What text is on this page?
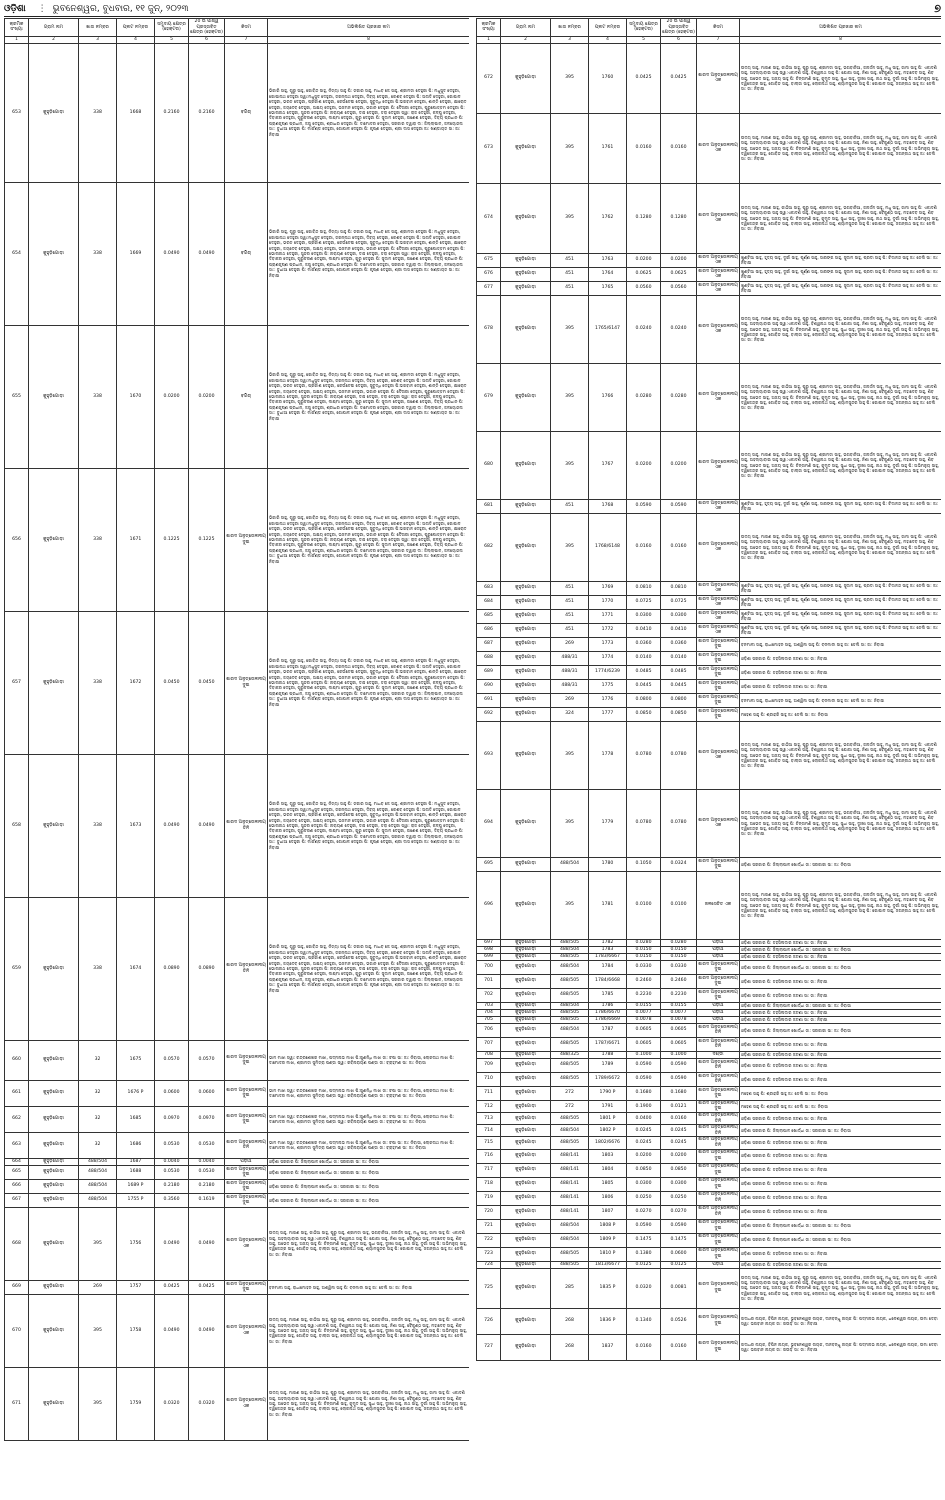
ଓଡ଼ିଶା	⋮ ଭୁବନେଶ୍ୱର, ବୁଧବାର, ୧୧ ଜୁନ୍‌, ୨୦୨୩	୭
କ୍ରମିକ ସଂଖ୍ୟା	ଗ୍ରାମ ନାମ	ଖାତା ନମ୍ବର	ପ୍ଲଟ ନମ୍ବର	ସମୁଦାୟ କ୍ଷେତ୍ର (ହେକ୍ଟର)	20 ଉ ପାର୍ଶ୍ୱ ପ୍ରସ୍ତାବିତ କ୍ଷେତ୍ର (ହେକ୍ଟର)	କିସମ	ଅଭିଲିଖିତ ପ୍ରଜାର ନାମ
1	2	3	4	5	6	7	8
653	କୁହୁଡ଼ିଗୋଡ଼ା	338	1668	0.2160	0.2160	ବଗିଚା	ଭିକାରି ସାହୁ, ଗୁରୁ ସାହୁ, ଗୋବିନ୍ଦ ସାହୁ, ନିତ୍ୟା ସାହୁ ପି: ଜଗୀର ସାହୁ, ମାଧବ ଜେ ସାହୁ, ଶ୍ରୀମତୀ ଦେହୁରୀ ପି: ମଧୁସୁଦ ଦେହୁରୀ, ଗୋପୀନାଥ ଦେହୁରୀ ସ୍ୱା:ମଧୁସୁଦ ଦେହୁରୀ, ଜଗନ୍ନାଥ ଦେହୁରୀ, ଦିବ୍ୟ ଦେହୁରୀ, କେଶବ ଦେହୁରୀ ପି: ଅନାଦି ଦେହୁରୀ, ଗୋପାଳ ଦେହୁରୀ, ଭରତ ଦେହୁରୀ, ପ୍ରକାଶ ଦେହୁରୀ, କେଉଁଟେଇ ଦେହୁରୀ, ସୁବୁଦ୍ଧି ଦେହୁରୀ ପି:ଭଗବାନ ଦେହୁରୀ, ଶାନ୍ତି ଦେହୁରୀ, କ୍ଷୀରୋଦ ଦେହୁରୀ, ଜୟଦେବ ଦେହୁରୀ, ଅକ୍ଷୟ ଦେହୁରୀ, ଭଜମନ ଦେହୁରୀ, ଭଗାନ ଦେହୁରୀ ପି: ଦୈତାରୀ ଦେହୁରୀ, ପୁରୁଷୋତ୍ତମ ଦେହୁରୀ ପି: ଭୋଳାନାଥ ଦେହୁରୀ, ସୁନ୍ଦର ଦେହୁରୀ ପି: ନାରାୟଣ ଦେହୁରୀ, ଦାସ ଦେହୁରୀ, ତରା ଦେହୁରୀ ସ୍ୱା: ରାଜ ଦେହୁରୀ, କଳ୍ପୁ ଦେହୁରୀ, ଦିବାକର ଦେହୁରୀ, ଗୁରୁଚରଣ ଦେହୁରୀ, ଲକ୍ଷ୍ମୀ ଦେହୁରୀ, ଗୁରୁ ଦେହୁରୀ ପି: ସୁଦାମ ଦେହୁରୀ, ଗଣେଶ ଦେହୁରୀ, ଦିବ୍ୟ ପ୍ରଧାନ ପି: ପ୍ରାଣକୃଷ୍ଣ ପ୍ରଧାନ, ଜଗୁ ଦେହୁରୀ, ଶ୍ରୀଧର ଦେହୁରୀ ପି: ଦାମୋଦର ଦେହୁରୀ, ସରକାର ଦ୍ୱାରା ଦା: ଜିଲ୍ଲାପାଳ, ଜଳୟୋଜନା ସା:: ବୁଧୀଆ ଦେହୁରୀ ପି: ମାର୍କଣ୍ଡ ଦେହୁରୀ, ଗୋପାଳ ଦେହୁରୀ ପି: କୃଷ୍ଣ ଦେହୁରୀ, ଶ୍ରୀ ଦାସ ଦେହୁରୀ ଜା: ଖଣ୍ଡାୟତ ସା: ଜା: ନିବାସୀ
654	କୁହୁଡ଼ିଗୋଡ଼ା	338	1669	0.0490	0.0490	ବଗିଚା	ଭିକାରି ସାହୁ, ଗୁରୁ ସାହୁ, ଗୋବିନ୍ଦ ସାହୁ, ନିତ୍ୟା ସାହୁ ପି: ଜଗୀର ସାହୁ, ମାଧବ ଜେ ସାହୁ, ଶ୍ରୀମତୀ ଦେହୁରୀ ପି: ମଧୁସୁଦ ଦେହୁରୀ, ଗୋପୀନାଥ ଦେହୁରୀ ସ୍ୱା:ମଧୁସୁଦ ଦେହୁରୀ, ଜଗନ୍ନାଥ ଦେହୁରୀ, ଦିବ୍ୟ ଦେହୁରୀ, କେଶବ ଦେହୁରୀ ପି: ଅନାଦି ଦେହୁରୀ, ଗୋପାଳ ଦେହୁରୀ, ଭରତ ଦେହୁରୀ, ପ୍ରକାଶ ଦେହୁରୀ, କେଉଁଟେଇ ଦେହୁରୀ, ସୁବୁଦ୍ଧି ଦେହୁରୀ ପି:ଭଗବାନ ଦେହୁରୀ, ଶାନ୍ତି ଦେହୁରୀ, କ୍ଷୀରୋଦ ଦେହୁରୀ, ଜୟଦେବ ଦେହୁରୀ, ଅକ୍ଷୟ ଦେହୁରୀ, ଭଜମନ ଦେହୁରୀ, ଭଗାନ ଦେହୁରୀ ପି: ଦୈତାରୀ ଦେହୁରୀ, ପୁରୁଷୋତ୍ତମ ଦେହୁରୀ ପି: ଭୋଳାନାଥ ଦେହୁରୀ, ସୁନ୍ଦର ଦେହୁରୀ ପି: ନାରାୟଣ ଦେହୁରୀ, ଦାସ ଦେହୁରୀ, ତରା ଦେହୁରୀ ସ୍ୱା: ରାଜ ଦେହୁରୀ, କଳ୍ପୁ ଦେହୁରୀ, ଦିବାକର ଦେହୁରୀ, ଗୁରୁଚରଣ ଦେହୁରୀ, ଲକ୍ଷ୍ମୀ ଦେହୁରୀ, ଗୁରୁ ଦେହୁରୀ ପି: ସୁଦାମ ଦେହୁରୀ, ଗଣେଶ ଦେହୁରୀ, ଦିବ୍ୟ ପ୍ରଧାନ ପି: ପ୍ରାଣକୃଷ୍ଣ ପ୍ରଧାନ, ଜଗୁ ଦେହୁରୀ, ଶ୍ରୀଧର ଦେହୁରୀ ପି: ଦାମୋଦର ଦେହୁରୀ, ସରକାର ଦ୍ୱାରା ଦା: ଜିଲ୍ଲାପାଳ, ଜଳୟୋଜନା ସା:: ବୁଧୀଆ ଦେହୁରୀ ପି: ମାର୍କଣ୍ଡ ଦେହୁରୀ, ଗୋପାଳ ଦେହୁରୀ ପି: କୃଷ୍ଣ ଦେହୁରୀ, ଶ୍ରୀ ଦାସ ଦେହୁରୀ ଜା: ଖଣ୍ଡାୟତ ସା: ଜା: ନିବାସୀ
655	କୁହୁଡ଼ିଗୋଡ଼ା	338	1670	0.0200	0.0200	ବଗିଚା	ଭିକାରି ସାହୁ, ଗୁରୁ ସାହୁ, ଗୋବିନ୍ଦ ସାହୁ, ନିତ୍ୟା ସାହୁ ପି: ଜଗୀର ସାହୁ, ମାଧବ ଜେ ସାହୁ, ଶ୍ରୀମତୀ ଦେହୁରୀ ପି: ମଧୁସୁଦ ଦେହୁରୀ, ଗୋପୀନାଥ ଦେହୁରୀ ସ୍ୱା:ମଧୁସୁଦ ଦେହୁରୀ, ଜଗନ୍ନାଥ ଦେହୁରୀ, ଦିବ୍ୟ ଦେହୁରୀ, କେଶବ ଦେହୁରୀ ପି: ଅନାଦି ଦେହୁରୀ, ଗୋପାଳ ଦେହୁରୀ, ଭରତ ଦେହୁରୀ, ପ୍ରକାଶ ଦେହୁରୀ, କେଉଁଟେଇ ଦେହୁରୀ, ସୁବୁଦ୍ଧି ଦେହୁରୀ ପି:ଭଗବାନ ଦେହୁରୀ, ଶାନ୍ତି ଦେହୁରୀ, କ୍ଷୀରୋଦ ଦେହୁରୀ, ଜୟଦେବ ଦେହୁରୀ, ଅକ୍ଷୟ ଦେହୁରୀ, ଭଜମନ ଦେହୁରୀ, ଭଗାନ ଦେହୁରୀ ପି: ଦୈତାରୀ ଦେହୁରୀ, ପୁରୁଷୋତ୍ତମ ଦେହୁରୀ ପି: ଭୋଳାନାଥ ଦେହୁରୀ, ସୁନ୍ଦର ଦେହୁରୀ ପି: ନାରାୟଣ ଦେହୁରୀ, ଦାସ ଦେହୁରୀ, ତରା ଦେହୁରୀ ସ୍ୱା: ରାଜ ଦେହୁରୀ, କଳ୍ପୁ ଦେହୁରୀ, ଦିବାକର ଦେହୁରୀ, ଗୁରୁଚରଣ ଦେହୁରୀ, ଲକ୍ଷ୍ମୀ ଦେହୁରୀ, ଗୁରୁ ଦେହୁରୀ ପି: ସୁଦାମ ଦେହୁରୀ, ଗଣେଶ ଦେହୁରୀ, ଦିବ୍ୟ ପ୍ରଧାନ ପି: ପ୍ରାଣକୃଷ୍ଣ ପ୍ରଧାନ, ଜଗୁ ଦେହୁରୀ, ଶ୍ରୀଧର ଦେହୁରୀ ପି: ଦାମୋଦର ଦେହୁରୀ, ସରକାର ଦ୍ୱାରା ଦା: ଜିଲ୍ଲାପାଳ, ଜଳୟୋଜନା ସା:: ବୁଧୀଆ ଦେହୁରୀ ପି: ମାର୍କଣ୍ଡ ଦେହୁରୀ, ଗୋପାଳ ଦେହୁରୀ ପି: କୃଷ୍ଣ ଦେହୁରୀ, ଶ୍ରୀ ଦାସ ଦେହୁରୀ ଜା: ଖଣ୍ଡାୟତ ସା: ଜା: ନିବାସୀ
656	କୁହୁଡ଼ିଗୋଡ଼ା	338	1671	0.1225	0.1225	ଶାରଦ ଅନୁତ୍ତୋଳନୀୟ ଦୁଇ	ଭିକାରି ସାହୁ, ଗୁରୁ ସାହୁ, ଗୋବିନ୍ଦ ସାହୁ, ନିତ୍ୟା ସାହୁ ପି: ଜଗୀର ସାହୁ, ମାଧବ ଜେ ସାହୁ, ଶ୍ରୀମତୀ ଦେହୁରୀ ପି: ମଧୁସୁଦ ଦେହୁରୀ, ଗୋପୀନାଥ ଦେହୁରୀ ସ୍ୱା:ମଧୁସୁଦ ଦେହୁରୀ, ଜଗନ୍ନାଥ ଦେହୁରୀ, ଦିବ୍ୟ ଦେହୁରୀ, କେଶବ ଦେହୁରୀ ପି: ଅନାଦି ଦେହୁରୀ, ଗୋପାଳ ଦେହୁରୀ, ଭରତ ଦେହୁରୀ, ପ୍ରକାଶ ଦେହୁରୀ, କେଉଁଟେଇ ଦେହୁରୀ, ସୁବୁଦ୍ଧି ଦେହୁରୀ ପି:ଭଗବାନ ଦେହୁରୀ, ଶାନ୍ତି ଦେହୁରୀ, କ୍ଷୀରୋଦ ଦେହୁରୀ, ଜୟଦେବ ଦେହୁରୀ, ଅକ୍ଷୟ ଦେହୁରୀ, ଭଜମନ ଦେହୁରୀ, ଭଗାନ ଦେହୁରୀ ପି: ଦୈତାରୀ ଦେହୁରୀ, ପୁରୁଷୋତ୍ତମ ଦେହୁରୀ ପି: ଭୋଳାନାଥ ଦେହୁରୀ, ସୁନ୍ଦର ଦେହୁରୀ ପି: ନାରାୟଣ ଦେହୁରୀ, ଦାସ ଦେହୁରୀ, ତରା ଦେହୁରୀ ସ୍ୱା: ରାଜ ଦେହୁରୀ, କଳ୍ପୁ ଦେହୁରୀ, ଦିବାକର ଦେହୁରୀ, ଗୁରୁଚରଣ ଦେହୁରୀ, ଲକ୍ଷ୍ମୀ ଦେହୁରୀ, ଗୁରୁ ଦେହୁରୀ ପି: ସୁଦାମ ଦେହୁରୀ, ଗଣେଶ ଦେହୁରୀ, ଦିବ୍ୟ ପ୍ରଧାନ ପି: ପ୍ରାଣକୃଷ୍ଣ ପ୍ରଧାନ, ଜଗୁ ଦେହୁରୀ, ଶ୍ରୀଧର ଦେହୁରୀ ପି: ଦାମୋଦର ଦେହୁରୀ, ସରକାର ଦ୍ୱାରା ଦା: ଜିଲ୍ଲାପାଳ, ଜଳୟୋଜନା ସା:: ବୁଧୀଆ ଦେହୁରୀ ପି: ମାର୍କଣ୍ଡ ଦେହୁରୀ, ଗୋପାଳ ଦେହୁରୀ ପି: କୃଷ୍ଣ ଦେହୁରୀ, ଶ୍ରୀ ଦାସ ଦେହୁରୀ ଜା: ଖଣ୍ଡାୟତ ସା: ଜା: ନିବାସୀ
657	କୁହୁଡ଼ିଗୋଡ଼ା	338	1672	0.0450	0.0450	ଶାରଦ ଅନୁତ୍ତୋଳନୀୟ ଦୁଇ	ଭିକାରି ସାହୁ, ଗୁରୁ ସାହୁ, ଗୋବିନ୍ଦ ସାହୁ, ନିତ୍ୟା ସାହୁ ପି: ଜଗୀର ସାହୁ, ମାଧବ ଜେ ସାହୁ, ଶ୍ରୀମତୀ ଦେହୁରୀ ପି: ମଧୁସୁଦ ଦେହୁରୀ, ଗୋପୀନାଥ ଦେହୁରୀ ସ୍ୱା:ମଧୁସୁଦ ଦେହୁରୀ, ଜଗନ୍ନାଥ ଦେହୁରୀ, ଦିବ୍ୟ ଦେହୁରୀ, କେଶବ ଦେହୁରୀ ପି: ଅନାଦି ଦେହୁରୀ, ଗୋପାଳ ଦେହୁରୀ, ଭରତ ଦେହୁରୀ, ପ୍ରକାଶ ଦେହୁରୀ, କେଉଁଟେଇ ଦେହୁରୀ, ସୁବୁଦ୍ଧି ଦେହୁରୀ ପି:ଭଗବାନ ଦେହୁରୀ, ଶାନ୍ତି ଦେହୁରୀ, କ୍ଷୀରୋଦ ଦେହୁରୀ, ଜୟଦେବ ଦେହୁରୀ, ଅକ୍ଷୟ ଦେହୁରୀ, ଭଜମନ ଦେହୁରୀ, ଭଗାନ ଦେହୁରୀ ପି: ଦୈତାରୀ ଦେହୁରୀ, ପୁରୁଷୋତ୍ତମ ଦେହୁରୀ ପି: ଭୋଳାନାଥ ଦେହୁରୀ, ସୁନ୍ଦର ଦେହୁରୀ ପି: ନାରାୟଣ ଦେହୁରୀ, ଦାସ ଦେହୁରୀ, ତରା ଦେହୁରୀ ସ୍ୱା: ରାଜ ଦେହୁରୀ, କଳ୍ପୁ ଦେହୁରୀ, ଦିବାକର ଦେହୁରୀ, ଗୁରୁଚରଣ ଦେହୁରୀ, ଲକ୍ଷ୍ମୀ ଦେହୁରୀ, ଗୁରୁ ଦେହୁରୀ ପି: ସୁଦାମ ଦେହୁରୀ, ଗଣେଶ ଦେହୁରୀ, ଦିବ୍ୟ ପ୍ରଧାନ ପି: ପ୍ରାଣକୃଷ୍ଣ ପ୍ରଧାନ, ଜଗୁ ଦେହୁରୀ, ଶ୍ରୀଧର ଦେହୁରୀ ପି: ଦାମୋଦର ଦେହୁରୀ, ସରକାର ଦ୍ୱାରା ଦା: ଜିଲ୍ଲାପାଳ, ଜଳୟୋଜନା ସା:: ବୁଧୀଆ ଦେହୁରୀ ପି: ମାର୍କଣ୍ଡ ଦେହୁରୀ, ଗୋପାଳ ଦେହୁରୀ ପି: କୃଷ୍ଣ ଦେହୁରୀ, ଶ୍ରୀ ଦାସ ଦେହୁରୀ ଜା: ଖଣ୍ଡାୟତ ସା: ଜା: ନିବାସୀ
658	କୁହୁଡ଼ିଗୋଡ଼ା	338	1673	0.0490	0.0490	ଶାରଦ ଅନୁତ୍ତୋଳନୀୟ ତିନି	ଭିକାରି ସାହୁ, ଗୁରୁ ସାହୁ, ଗୋବିନ୍ଦ ସାହୁ, ନିତ୍ୟା ସାହୁ ପି: ଜଗୀର ସାହୁ, ମାଧବ ଜେ ସାହୁ, ଶ୍ରୀମତୀ ଦେହୁରୀ ପି: ମଧୁସୁଦ ଦେହୁରୀ, ଗୋପୀନାଥ ଦେହୁରୀ ସ୍ୱା:ମଧୁସୁଦ ଦେହୁରୀ, ଜଗନ୍ନାଥ ଦେହୁରୀ, ଦିବ୍ୟ ଦେହୁରୀ, କେଶବ ଦେହୁରୀ ପି: ଅନାଦି ଦେହୁରୀ, ଗୋପାଳ ଦେହୁରୀ, ଭରତ ଦେହୁରୀ, ପ୍ରକାଶ ଦେହୁରୀ, କେଉଁଟେଇ ଦେହୁରୀ, ସୁବୁଦ୍ଧି ଦେହୁରୀ ପି:ଭଗବାନ ଦେହୁରୀ, ଶାନ୍ତି ଦେହୁରୀ, କ୍ଷୀରୋଦ ଦେହୁରୀ, ଜୟଦେବ ଦେହୁରୀ, ଅକ୍ଷୟ ଦେହୁରୀ, ଭଜମନ ଦେହୁରୀ, ଭଗାନ ଦେହୁରୀ ପି: ଦୈତାରୀ ଦେହୁରୀ, ପୁରୁଷୋତ୍ତମ ଦେହୁରୀ ପି: ଭୋଳାନାଥ ଦେହୁରୀ, ସୁନ୍ଦର ଦେହୁରୀ ପି: ନାରାୟଣ ଦେହୁରୀ, ଦାସ ଦେହୁରୀ, ତରା ଦେହୁରୀ ସ୍ୱା: ରାଜ ଦେହୁରୀ, କଳ୍ପୁ ଦେହୁରୀ, ଦିବାକର ଦେହୁରୀ, ଗୁରୁଚରଣ ଦେହୁରୀ, ଲକ୍ଷ୍ମୀ ଦେହୁରୀ, ଗୁରୁ ଦେହୁରୀ ପି: ସୁଦାମ ଦେହୁରୀ, ଗଣେଶ ଦେହୁରୀ, ଦିବ୍ୟ ପ୍ରଧାନ ପି: ପ୍ରାଣକୃଷ୍ଣ ପ୍ରଧାନ, ଜଗୁ ଦେହୁରୀ, ଶ୍ରୀଧର ଦେହୁରୀ ପି: ଦାମୋଦର ଦେହୁରୀ, ସରକାର ଦ୍ୱାରା ଦା: ଜିଲ୍ଲାପାଳ, ଜଳୟୋଜନା ସା:: ବୁଧୀଆ ଦେହୁରୀ ପି: ମାର୍କଣ୍ଡ ଦେହୁରୀ, ଗୋପାଳ ଦେହୁରୀ ପି: କୃଷ୍ଣ ଦେହୁରୀ, ଶ୍ରୀ ଦାସ ଦେହୁରୀ ଜା: ଖଣ୍ଡାୟତ ସା: ଜା: ନିବାସୀ
659	କୁହୁଡ଼ିଗୋଡ଼ା	338	1674	0.0890	0.0890	ଶାରଦ ଅନୁତ୍ତୋଳନୀୟ ତିନି	ଭିକାରି ସାହୁ, ଗୁରୁ ସାହୁ, ଗୋବିନ୍ଦ ସାହୁ, ନିତ୍ୟା ସାହୁ ପି: ଜଗୀର ସାହୁ, ମାଧବ ଜେ ସାହୁ, ଶ୍ରୀମତୀ ଦେହୁରୀ ପି: ମଧୁସୁଦ ଦେହୁରୀ, ଗୋପୀନାଥ ଦେହୁରୀ ସ୍ୱା:ମଧୁସୁଦ ଦେହୁରୀ, ଜଗନ୍ନାଥ ଦେହୁରୀ, ଦିବ୍ୟ ଦେହୁରୀ, କେଶବ ଦେହୁରୀ ପି: ଅନାଦି ଦେହୁରୀ, ଗୋପାଳ ଦେହୁରୀ, ଭରତ ଦେହୁରୀ, ପ୍ରକାଶ ଦେହୁରୀ, କେଉଁଟେଇ ଦେହୁରୀ, ସୁବୁଦ୍ଧି ଦେହୁରୀ ପି:ଭଗବାନ ଦେହୁରୀ, ଶାନ୍ତି ଦେହୁରୀ, କ୍ଷୀରୋଦ ଦେହୁରୀ, ଜୟଦେବ ଦେହୁରୀ, ଅକ୍ଷୟ ଦେହୁରୀ, ଭଜମନ ଦେହୁରୀ, ଭଗାନ ଦେହୁରୀ ପି: ଦୈତାରୀ ଦେହୁରୀ, ପୁରୁଷୋତ୍ତମ ଦେହୁରୀ ପି: ଭୋଳାନାଥ ଦେହୁରୀ, ସୁନ୍ଦର ଦେହୁରୀ ପି: ନାରାୟଣ ଦେହୁରୀ, ଦାସ ଦେହୁରୀ, ତରା ଦେହୁରୀ ସ୍ୱା: ରାଜ ଦେହୁରୀ, କଳ୍ପୁ ଦେହୁରୀ, ଦିବାକର ଦେହୁରୀ, ଗୁରୁଚରଣ ଦେହୁରୀ, ଲକ୍ଷ୍ମୀ ଦେହୁରୀ, ଗୁରୁ ଦେହୁରୀ ପି: ସୁଦାମ ଦେହୁରୀ, ଗଣେଶ ଦେହୁରୀ, ଦିବ୍ୟ ପ୍ରଧାନ ପି: ପ୍ରାଣକୃଷ୍ଣ ପ୍ରଧାନ, ଜଗୁ ଦେହୁରୀ, ଶ୍ରୀଧର ଦେହୁରୀ ପି: ଦାମୋଦର ଦେହୁରୀ, ସରକାର ଦ୍ୱାରା ଦା: ଜିଲ୍ଲାପାଳ, ଜଳୟୋଜନା ସା:: ବୁଧୀଆ ଦେହୁରୀ ପି: ମାର୍କଣ୍ଡ ଦେହୁରୀ, ଗୋପାଳ ଦେହୁରୀ ପି: କୃଷ୍ଣ ଦେହୁରୀ, ଶ୍ରୀ ଦାସ ଦେହୁରୀ ଜା: ଖଣ୍ଡାୟତ ସା: ଜା: ନିବାସୀ
660	କୁହୁଡ଼ିଗୋଡ଼ା	32	1675	0.0570	0.0570	ଶାରଦ ଅନୁତ୍ତୋଳନୀୟ ଦୁଇ	ଭୀମ ମାଝୀ ସ୍ୱା: ଚନ୍ଦ୍ରଶେଖର ମାଝୀ, ପଦ୍ମନାଭ ମାଝୀ ପି:ଗୁଣନିଧି ମାଝୀ ଜା: ଚଷା ସା: ଜା: ନିବାସୀ, ଲୋକନାଥ ମାଝୀ ପି: ଦାମୋଦର ମାଝୀ, ଶ୍ରୀମତୀ ସୁମିତ୍ରା ପଣ୍ଡା ସ୍ୱା: ରବିନାରାୟଣ ପଣ୍ଡା ଜା: ବ୍ରାହ୍ମଣ ସା: ଜା: ନିବାସୀ
661	କୁହୁଡ଼ିଗୋଡ଼ା	32	1676 P	0.0600	0.0600	ଶାରଦ ଅନୁତ୍ତୋଳନୀୟ ଦୁଇ	ଭୀମ ମାଝୀ ସ୍ୱା: ଚନ୍ଦ୍ରଶେଖର ମାଝୀ, ପଦ୍ମନାଭ ମାଝୀ ପି:ଗୁଣନିଧି ମାଝୀ ଜା: ଚଷା ସା: ଜା: ନିବାସୀ, ଲୋକନାଥ ମାଝୀ ପି: ଦାମୋଦର ମାଝୀ, ଶ୍ରୀମତୀ ସୁମିତ୍ରା ପଣ୍ଡା ସ୍ୱା: ରବିନାରାୟଣ ପଣ୍ଡା ଜା: ବ୍ରାହ୍ମଣ ସା: ଜା: ନିବାସୀ
662	କୁହୁଡ଼ିଗୋଡ଼ା	32	1685	0.0970	0.0970	ଶାରଦ ଅନୁତ୍ତୋଳନୀୟ ଦୁଇ	ଭୀମ ମାଝୀ ସ୍ୱା: ଚନ୍ଦ୍ରଶେଖର ମାଝୀ, ପଦ୍ମନାଭ ମାଝୀ ପି:ଗୁଣନିଧି ମାଝୀ ଜା: ଚଷା ସା: ଜା: ନିବାସୀ, ଲୋକନାଥ ମାଝୀ ପି: ଦାମୋଦର ମାଝୀ, ଶ୍ରୀମତୀ ସୁମିତ୍ରା ପଣ୍ଡା ସ୍ୱା: ରବିନାରାୟଣ ପଣ୍ଡା ଜା: ବ୍ରାହ୍ମଣ ସା: ଜା: ନିବାସୀ
663	କୁହୁଡ଼ିଗୋଡ଼ା	32	1686	0.0530	0.0530	ଶାରଦ ଅନୁତ୍ତୋଳନୀୟ ତିନି	ଭୀମ ମାଝୀ ସ୍ୱା: ଚନ୍ଦ୍ରଶେଖର ମାଝୀ, ପଦ୍ମନାଭ ମାଝୀ ପି:ଗୁଣନିଧି ମାଝୀ ଜା: ଚଷା ସା: ଜା: ନିବାସୀ, ଲୋକନାଥ ମାଝୀ ପି: ଦାମୋଦର ମାଝୀ, ଶ୍ରୀମତୀ ସୁମିତ୍ରା ପଣ୍ଡା ସ୍ୱା: ରବିନାରାୟଣ ପଣ୍ଡା ଜା: ବ୍ରାହ୍ମଣ ସା: ଜା: ନିବାସୀ
664	କୁହୁଡ଼ିଗୋଡ଼ା	488/504	1687	0.0040	0.0040	ପଡ଼ିଆ	ଓଡ଼ିଶା ସରକାର ପି: ଜିଲ୍ଲାପାଳ ଖୋର୍ଦ୍ଧା ଜା: ସରକାରୀ ସା: ଜା: ନିବାସୀ
665	କୁହୁଡ଼ିଗୋଡ଼ା	488/504	1688	0.0530	0.0530	ଶାରଦ ଅନୁତ୍ତୋଳନୀୟ ଦୁଇ	ଓଡ଼ିଶା ସରକାର ପି: ଜିଲ୍ଲାପାଳ ଖୋର୍ଦ୍ଧା ଜା: ସରକାରୀ ସା: ଜା: ନିବାସୀ
666	କୁହୁଡ଼ିଗୋଡ଼ା	488/504	1689 P	0.2180	0.2180	ଶାରଦ ଅନୁତ୍ତୋଳନୀୟ ଦୁଇ	ଓଡ଼ିଶା ସରକାର ପି: ଜିଲ୍ଲାପାଳ ଖୋର୍ଦ୍ଧା ଜା: ସରକାରୀ ସା: ଜା: ନିବାସୀ
667	କୁହୁଡ଼ିଗୋଡ଼ା	488/504	1755 P	0.3560	0.1619	ଶାରଦ ଅନୁତ୍ତୋଳନୀୟ ଦୁଇ	ଓଡ଼ିଶା ସରକାର ପି: ଜିଲ୍ଲାପାଳ ଖୋର୍ଦ୍ଧା ଜା: ସରକାରୀ ସା: ଜା: ନିବାସୀ
668	କୁହୁଡ଼ିଗୋଡ଼ା	395	1756	0.0490	0.0490	ଶାରଦ ଅନୁତ୍ତୋଳନୀୟ ଏକ	ଉଦୟ ସାହୁ, ମାଗଣ ସାହୁ, କାଠିଆ ସାହୁ, ପୁରୁ ସାହୁ, ଶ୍ରୀମତୀ ସାହୁ, ଭଗବାନିଆ, ଜନାର୍ଦ୍ଦନ ସାହୁ, ମଧୁ ସାହୁ, ଜାମୀ ସାହୁ ପି: ଏକାଦଶି ସାହୁ, ଅହଲ୍ୟାବାଇ ସାହୁ ସ୍ୱା:ଏକାଦଶି ସାହୁ, ବିଶ୍ୱନାଥ ସାହୁ ପି: ଯୋଗୀ ସାହୁ, ନିଶା ସାହୁ, ବୈକୁଣ୍ଠ ସାହୁ, ମହାଦେବ ସାହୁ, ଶିବ ସାହୁ, ଅଭେଦ ସାହୁ, ଅଜୟ ସାହୁ ପି: ଚିନ୍ତାମଣି ସାହୁ, କୁମୁଦ ସାହୁ, ସୁଧା ସାହୁ, ଦୁଃଖୀ ସାହୁ, ନାଥ ସାହୁ, ଦୁର୍ଗା ସାହୁ ପି: ଅଭିମନ୍ୟୁ ସାହୁ, ଦ୍ୱିଜେନ୍ଦ୍ର ସାହୁ, ଗୋବିନ୍ଦ ସାହୁ, ବାଲାଜୀ ସାହୁ, ଲୋକନାଥ ସାହୁ, ଶ୍ୟାମସୁନ୍ଦର ସାହୁ ପି: ଗୋପାଳ ସାହୁ, ଜଗନ୍ନାଥ ସାହୁ ଜା: ତେଲି ସା: ଜା: ନିବାସୀ
669	କୁହୁଡ଼ିଗୋଡ଼ା	269	1757	0.0425	0.0425	ଶାରଦ ଅନୁତ୍ତୋଳନୀୟ ଦୁଇ	ବନମାଳୀ ସାହୁ, ରାଧାମୋହନ ସାହୁ, ଅଶ୍ୱିନୀ ସାହୁ ପି: ବନମାଳୀ ସାହୁ ଜା: ତେଲି ସା: ଜା: ନିବାସୀ
670	କୁହୁଡ଼ିଗୋଡ଼ା	395	1758	0.0490	0.0490	ଶାରଦ ଅନୁତ୍ତୋଳନୀୟ ଏକ	ଉଦୟ ସାହୁ, ମାଗଣ ସାହୁ, କାଠିଆ ସାହୁ, ପୁରୁ ସାହୁ, ଶ୍ରୀମତୀ ସାହୁ, ଭଗବାନିଆ, ଜନାର୍ଦ୍ଦନ ସାହୁ, ମଧୁ ସାହୁ, ଜାମୀ ସାହୁ ପି: ଏକାଦଶି ସାହୁ, ଅହଲ୍ୟାବାଇ ସାହୁ ସ୍ୱା:ଏକାଦଶି ସାହୁ, ବିଶ୍ୱନାଥ ସାହୁ ପି: ଯୋଗୀ ସାହୁ, ନିଶା ସାହୁ, ବୈକୁଣ୍ଠ ସାହୁ, ମହାଦେବ ସାହୁ, ଶିବ ସାହୁ, ଅଭେଦ ସାହୁ, ଅଜୟ ସାହୁ ପି: ଚିନ୍ତାମଣି ସାହୁ, କୁମୁଦ ସାହୁ, ସୁଧା ସାହୁ, ଦୁଃଖୀ ସାହୁ, ନାଥ ସାହୁ, ଦୁର୍ଗା ସାହୁ ପି: ଅଭିମନ୍ୟୁ ସାହୁ, ଦ୍ୱିଜେନ୍ଦ୍ର ସାହୁ, ଗୋବିନ୍ଦ ସାହୁ, ବାଲାଜୀ ସାହୁ, ଲୋକନାଥ ସାହୁ, ଶ୍ୟାମସୁନ୍ଦର ସାହୁ ପି: ଗୋପାଳ ସାହୁ, ଜଗନ୍ନାଥ ସାହୁ ଜା: ତେଲି ସା: ଜା: ନିବାସୀ
671	କୁହୁଡ଼ିଗୋଡ଼ା	395	1759	0.0320	0.0320	ଶାରଦ ଅନୁତ୍ତୋଳନୀୟ ଏକ	ଉଦୟ ସାହୁ, ମାଗଣ ସାହୁ, କାଠିଆ ସାହୁ, ପୁରୁ ସାହୁ, ଶ୍ରୀମତୀ ସାହୁ, ଭଗବାନିଆ, ଜନାର୍ଦ୍ଦନ ସାହୁ, ମଧୁ ସାହୁ, ଜାମୀ ସାହୁ ପି: ଏକାଦଶି ସାହୁ, ଅହଲ୍ୟାବାଇ ସାହୁ ସ୍ୱା:ଏକାଦଶି ସାହୁ, ବିଶ୍ୱନାଥ ସାହୁ ପି: ଯୋଗୀ ସାହୁ, ନିଶା ସାହୁ, ବୈକୁଣ୍ଠ ସାହୁ, ମହାଦେବ ସାହୁ, ଶିବ ସାହୁ, ଅଭେଦ ସାହୁ, ଅଜୟ ସାହୁ ପି: ଚିନ୍ତାମଣି ସାହୁ, କୁମୁଦ ସାହୁ, ସୁଧା ସାହୁ, ଦୁଃଖୀ ସାହୁ, ନାଥ ସାହୁ, ଦୁର୍ଗା ସାହୁ ପି: ଅଭିମନ୍ୟୁ ସାହୁ, ଦ୍ୱିଜେନ୍ଦ୍ର ସାହୁ, ଗୋବିନ୍ଦ ସାହୁ, ବାଲାଜୀ ସାହୁ, ଲୋକନାଥ ସାହୁ, ଶ୍ୟାମସୁନ୍ଦର ସାହୁ ପି: ଗୋପାଳ ସାହୁ, ଜଗନ୍ନାଥ ସାହୁ ଜା: ତେଲି ସା: ଜା: ନିବାସୀ
କ୍ରମିକ ସଂଖ୍ୟା	ଗ୍ରାମ ନାମ	ଖାତା ନମ୍ବର	ପ୍ଲଟ ନମ୍ବର	ସମୁଦାୟ କ୍ଷେତ୍ର (ହେକ୍ଟର)	20 ଉ ପାର୍ଶ୍ୱ ପ୍ରସ୍ତାବିତ କ୍ଷେତ୍ର (ହେକ୍ଟର)	କିସମ	ଅଭିଲିଖିତ ପ୍ରଜାର ନାମ
1	2	3	4	5	6	7	8
672	କୁହୁଡ଼ିଗୋଡ଼ା	395	1760	0.0425	0.0425	ଶାରଦ ଅନୁତ୍ତୋଳନୀୟ ଏକ	ଉଦୟ ସାହୁ, ମାଗଣ ସାହୁ, କାଠିଆ ସାହୁ, ପୁରୁ ସାହୁ, ଶ୍ରୀମତୀ ସାହୁ, ଭଗବାନିଆ, ଜନାର୍ଦ୍ଦନ ସାହୁ, ମଧୁ ସାହୁ, ଜାମୀ ସାହୁ ପି: ଏକାଦଶି ସାହୁ, ଅହଲ୍ୟାବାଇ ସାହୁ ସ୍ୱା:ଏକାଦଶି ସାହୁ, ବିଶ୍ୱନାଥ ସାହୁ ପି: ଯୋଗୀ ସାହୁ, ନିଶା ସାହୁ, ବୈକୁଣ୍ଠ ସାହୁ, ମହାଦେବ ସାହୁ, ଶିବ ସାହୁ, ଅଭେଦ ସାହୁ, ଅଜୟ ସାହୁ ପି: ଚିନ୍ତାମଣି ସାହୁ, କୁମୁଦ ସାହୁ, ସୁଧା ସାହୁ, ଦୁଃଖୀ ସାହୁ, ନାଥ ସାହୁ, ଦୁର୍ଗା ସାହୁ ପି: ଅଭିମନ୍ୟୁ ସାହୁ, ଦ୍ୱିଜେନ୍ଦ୍ର ସାହୁ, ଗୋବିନ୍ଦ ସାହୁ, ବାଲାଜୀ ସାହୁ, ଲୋକନାଥ ସାହୁ, ଶ୍ୟାମସୁନ୍ଦର ସାହୁ ପି: ଗୋପାଳ ସାହୁ, ଜଗନ୍ନାଥ ସାହୁ ଜା: ତେଲି ସା: ଜା: ନିବାସୀ
673	କୁହୁଡ଼ିଗୋଡ଼ା	395	1761	0.0160	0.0160	ଶାରଦ ଅନୁତ୍ତୋଳନୀୟ ଏକ	ଉଦୟ ସାହୁ, ମାଗଣ ସାହୁ, କାଠିଆ ସାହୁ, ପୁରୁ ସାହୁ, ଶ୍ରୀମତୀ ସାହୁ, ଭଗବାନିଆ, ଜନାର୍ଦ୍ଦନ ସାହୁ, ମଧୁ ସାହୁ, ଜାମୀ ସାହୁ ପି: ଏକାଦଶି ସାହୁ, ଅହଲ୍ୟାବାଇ ସାହୁ ସ୍ୱା:ଏକାଦଶି ସାହୁ, ବିଶ୍ୱନାଥ ସାହୁ ପି: ଯୋଗୀ ସାହୁ, ନିଶା ସାହୁ, ବୈକୁଣ୍ଠ ସାହୁ, ମହାଦେବ ସାହୁ, ଶିବ ସାହୁ, ଅଭେଦ ସାହୁ, ଅଜୟ ସାହୁ ପି: ଚିନ୍ତାମଣି ସାହୁ, କୁମୁଦ ସାହୁ, ସୁଧା ସାହୁ, ଦୁଃଖୀ ସାହୁ, ନାଥ ସାହୁ, ଦୁର୍ଗା ସାହୁ ପି: ଅଭିମନ୍ୟୁ ସାହୁ, ଦ୍ୱିଜେନ୍ଦ୍ର ସାହୁ, ଗୋବିନ୍ଦ ସାହୁ, ବାଲାଜୀ ସାହୁ, ଲୋକନାଥ ସାହୁ, ଶ୍ୟାମସୁନ୍ଦର ସାହୁ ପି: ଗୋପାଳ ସାହୁ, ଜଗନ୍ନାଥ ସାହୁ ଜା: ତେଲି ସା: ଜା: ନିବାସୀ
674	କୁହୁଡ଼ିଗୋଡ଼ା	395	1762	0.1280	0.1280	ଶାରଦ ଅନୁତ୍ତୋଳନୀୟ ଏକ	ଉଦୟ ସାହୁ, ମାଗଣ ସାହୁ, କାଠିଆ ସାହୁ, ପୁରୁ ସାହୁ, ଶ୍ରୀମତୀ ସାହୁ, ଭଗବାନିଆ, ଜନାର୍ଦ୍ଦନ ସାହୁ, ମଧୁ ସାହୁ, ଜାମୀ ସାହୁ ପି: ଏକାଦଶି ସାହୁ, ଅହଲ୍ୟାବାଇ ସାହୁ ସ୍ୱା:ଏକାଦଶି ସାହୁ, ବିଶ୍ୱନାଥ ସାହୁ ପି: ଯୋଗୀ ସାହୁ, ନିଶା ସାହୁ, ବୈକୁଣ୍ଠ ସାହୁ, ମହାଦେବ ସାହୁ, ଶିବ ସାହୁ, ଅଭେଦ ସାହୁ, ଅଜୟ ସାହୁ ପି: ଚିନ୍ତାମଣି ସାହୁ, କୁମୁଦ ସାହୁ, ସୁଧା ସାହୁ, ଦୁଃଖୀ ସାହୁ, ନାଥ ସାହୁ, ଦୁର୍ଗା ସାହୁ ପି: ଅଭିମନ୍ୟୁ ସାହୁ, ଦ୍ୱିଜେନ୍ଦ୍ର ସାହୁ, ଗୋବିନ୍ଦ ସାହୁ, ବାଲାଜୀ ସାହୁ, ଲୋକନାଥ ସାହୁ, ଶ୍ୟାମସୁନ୍ଦର ସାହୁ ପି: ଗୋପାଳ ସାହୁ, ଜଗନ୍ନାଥ ସାହୁ ଜା: ତେଲି ସା: ଜା: ନିବାସୀ
675	କୁହୁଡ଼ିଗୋଡ଼ା	451	1763	0.0200	0.0200	ଶାରଦ ଅନୁତ୍ତୋଳନୀୟ ଏକ	ଖୁଣ୍ଟିଆ ସାହୁ, ହୃଦ୍‌ୟ ସାହୁ, ଦୁର୍ଗା ସାହୁ, ପୂର୍ଣ୍ଣ ସାହୁ, ସାରଙ୍ଗ ସାହୁ, ସୁଦାମ ସାହୁ, ପ୍ରଦୀ ସାହୁ ପି: ଚିଦାନନ୍ଦ ସାହୁ ଜା: ତେଲି ସା: ଜା: ନିବାସୀ
676	କୁହୁଡ଼ିଗୋଡ଼ା	451	1764	0.0625	0.0625	ଶାରଦ ଅନୁତ୍ତୋଳନୀୟ ଏକ	ଖୁଣ୍ଟିଆ ସାହୁ, ହୃଦ୍‌ୟ ସାହୁ, ଦୁର୍ଗା ସାହୁ, ପୂର୍ଣ୍ଣ ସାହୁ, ସାରଙ୍ଗ ସାହୁ, ସୁଦାମ ସାହୁ, ପ୍ରଦୀ ସାହୁ ପି: ଚିଦାନନ୍ଦ ସାହୁ ଜା: ତେଲି ସା: ଜା: ନିବାସୀ
677	କୁହୁଡ଼ିଗୋଡ଼ା	451	1765	0.0560	0.0560	ଶାରଦ ଅନୁତ୍ତୋଳନୀୟ ଏକ	ଖୁଣ୍ଟିଆ ସାହୁ, ହୃଦ୍‌ୟ ସାହୁ, ଦୁର୍ଗା ସାହୁ, ପୂର୍ଣ୍ଣ ସାହୁ, ସାରଙ୍ଗ ସାହୁ, ସୁଦାମ ସାହୁ, ପ୍ରଦୀ ସାହୁ ପି: ଚିଦାନନ୍ଦ ସାହୁ ଜା: ତେଲି ସା: ଜା: ନିବାସୀ
678	କୁହୁଡ଼ିଗୋଡ଼ା	395	1765/6147	0.0240	0.0240	ଶାରଦ ଅନୁତ୍ତୋଳନୀୟ ଏକ	ଉଦୟ ସାହୁ, ମାଗଣ ସାହୁ, କାଠିଆ ସାହୁ, ପୁରୁ ସାହୁ, ଶ୍ରୀମତୀ ସାହୁ, ଭଗବାନିଆ, ଜନାର୍ଦ୍ଦନ ସାହୁ, ମଧୁ ସାହୁ, ଜାମୀ ସାହୁ ପି: ଏକାଦଶି ସାହୁ, ଅହଲ୍ୟାବାଇ ସାହୁ ସ୍ୱା:ଏକାଦଶି ସାହୁ, ବିଶ୍ୱନାଥ ସାହୁ ପି: ଯୋଗୀ ସାହୁ, ନିଶା ସାହୁ, ବୈକୁଣ୍ଠ ସାହୁ, ମହାଦେବ ସାହୁ, ଶିବ ସାହୁ, ଅଭେଦ ସାହୁ, ଅଜୟ ସାହୁ ପି: ଚିନ୍ତାମଣି ସାହୁ, କୁମୁଦ ସାହୁ, ସୁଧା ସାହୁ, ଦୁଃଖୀ ସାହୁ, ନାଥ ସାହୁ, ଦୁର୍ଗା ସାହୁ ପି: ଅଭିମନ୍ୟୁ ସାହୁ, ଦ୍ୱିଜେନ୍ଦ୍ର ସାହୁ, ଗୋବିନ୍ଦ ସାହୁ, ବାଲାଜୀ ସାହୁ, ଲୋକନାଥ ସାହୁ, ଶ୍ୟାମସୁନ୍ଦର ସାହୁ ପି: ଗୋପାଳ ସାହୁ, ଜଗନ୍ନାଥ ସାହୁ ଜା: ତେଲି ସା: ଜା: ନିବାସୀ
679	କୁହୁଡ଼ିଗୋଡ଼ା	395	1766	0.0280	0.0280	ଶାରଦ ଅନୁତ୍ତୋଳନୀୟ ଏକ	ଉଦୟ ସାହୁ, ମାଗଣ ସାହୁ, କାଠିଆ ସାହୁ, ପୁରୁ ସାହୁ, ଶ୍ରୀମତୀ ସାହୁ, ଭଗବାନିଆ, ଜନାର୍ଦ୍ଦନ ସାହୁ, ମଧୁ ସାହୁ, ଜାମୀ ସାହୁ ପି: ଏକାଦଶି ସାହୁ, ଅହଲ୍ୟାବାଇ ସାହୁ ସ୍ୱା:ଏକାଦଶି ସାହୁ, ବିଶ୍ୱନାଥ ସାହୁ ପି: ଯୋଗୀ ସାହୁ, ନିଶା ସାହୁ, ବୈକୁଣ୍ଠ ସାହୁ, ମହାଦେବ ସାହୁ, ଶିବ ସାହୁ, ଅଭେଦ ସାହୁ, ଅଜୟ ସାହୁ ପି: ଚିନ୍ତାମଣି ସାହୁ, କୁମୁଦ ସାହୁ, ସୁଧା ସାହୁ, ଦୁଃଖୀ ସାହୁ, ନାଥ ସାହୁ, ଦୁର୍ଗା ସାହୁ ପି: ଅଭିମନ୍ୟୁ ସାହୁ, ଦ୍ୱିଜେନ୍ଦ୍ର ସାହୁ, ଗୋବିନ୍ଦ ସାହୁ, ବାଲାଜୀ ସାହୁ, ଲୋକନାଥ ସାହୁ, ଶ୍ୟାମସୁନ୍ଦର ସାହୁ ପି: ଗୋପାଳ ସାହୁ, ଜଗନ୍ନାଥ ସାହୁ ଜା: ତେଲି ସା: ଜା: ନିବାସୀ
680	କୁହୁଡ଼ିଗୋଡ଼ା	395	1767	0.0200	0.0200	ଶାରଦ ଅନୁତ୍ତୋଳନୀୟ ଏକ	ଉଦୟ ସାହୁ, ମାଗଣ ସାହୁ, କାଠିଆ ସାହୁ, ପୁରୁ ସାହୁ, ଶ୍ରୀମତୀ ସାହୁ, ଭଗବାନିଆ, ଜନାର୍ଦ୍ଦନ ସାହୁ, ମଧୁ ସାହୁ, ଜାମୀ ସାହୁ ପି: ଏକାଦଶି ସାହୁ, ଅହଲ୍ୟାବାଇ ସାହୁ ସ୍ୱା:ଏକାଦଶି ସାହୁ, ବିଶ୍ୱନାଥ ସାହୁ ପି: ଯୋଗୀ ସାହୁ, ନିଶା ସାହୁ, ବୈକୁଣ୍ଠ ସାହୁ, ମହାଦେବ ସାହୁ, ଶିବ ସାହୁ, ଅଭେଦ ସାହୁ, ଅଜୟ ସାହୁ ପି: ଚିନ୍ତାମଣି ସାହୁ, କୁମୁଦ ସାହୁ, ସୁଧା ସାହୁ, ଦୁଃଖୀ ସାହୁ, ନାଥ ସାହୁ, ଦୁର୍ଗା ସାହୁ ପି: ଅଭିମନ୍ୟୁ ସାହୁ, ଦ୍ୱିଜେନ୍ଦ୍ର ସାହୁ, ଗୋବିନ୍ଦ ସାହୁ, ବାଲାଜୀ ସାହୁ, ଲୋକନାଥ ସାହୁ, ଶ୍ୟାମସୁନ୍ଦର ସାହୁ ପି: ଗୋପାଳ ସାହୁ, ଜଗନ୍ନାଥ ସାହୁ ଜା: ତେଲି ସା: ଜା: ନିବାସୀ
681	କୁହୁଡ଼ିଗୋଡ଼ା	451	1768	0.0590	0.0590	ଶାରଦ ଅନୁତ୍ତୋଳନୀୟ ଏକ	ଖୁଣ୍ଟିଆ ସାହୁ, ହୃଦ୍‌ୟ ସାହୁ, ଦୁର୍ଗା ସାହୁ, ପୂର୍ଣ୍ଣ ସାହୁ, ସାରଙ୍ଗ ସାହୁ, ସୁଦାମ ସାହୁ, ପ୍ରଦୀ ସାହୁ ପି: ଚିଦାନନ୍ଦ ସାହୁ ଜା: ତେଲି ସା: ଜା: ନିବାସୀ
682	କୁହୁଡ଼ିଗୋଡ଼ା	395	1768/6148	0.0160	0.0160	ଶାରଦ ଅନୁତ୍ତୋଳନୀୟ ଏକ	ଉଦୟ ସାହୁ, ମାଗଣ ସାହୁ, କାଠିଆ ସାହୁ, ପୁରୁ ସାହୁ, ଶ୍ରୀମତୀ ସାହୁ, ଭଗବାନିଆ, ଜନାର୍ଦ୍ଦନ ସାହୁ, ମଧୁ ସାହୁ, ଜାମୀ ସାହୁ ପି: ଏକାଦଶି ସାହୁ, ଅହଲ୍ୟାବାଇ ସାହୁ ସ୍ୱା:ଏକାଦଶି ସାହୁ, ବିଶ୍ୱନାଥ ସାହୁ ପି: ଯୋଗୀ ସାହୁ, ନିଶା ସାହୁ, ବୈକୁଣ୍ଠ ସାହୁ, ମହାଦେବ ସାହୁ, ଶିବ ସାହୁ, ଅଭେଦ ସାହୁ, ଅଜୟ ସାହୁ ପି: ଚିନ୍ତାମଣି ସାହୁ, କୁମୁଦ ସାହୁ, ସୁଧା ସାହୁ, ଦୁଃଖୀ ସାହୁ, ନାଥ ସାହୁ, ଦୁର୍ଗା ସାହୁ ପି: ଅଭିମନ୍ୟୁ ସାହୁ, ଦ୍ୱିଜେନ୍ଦ୍ର ସାହୁ, ଗୋବିନ୍ଦ ସାହୁ, ବାଲାଜୀ ସାହୁ, ଲୋକନାଥ ସାହୁ, ଶ୍ୟାମସୁନ୍ଦର ସାହୁ ପି: ଗୋପାଳ ସାହୁ, ଜଗନ୍ନାଥ ସାହୁ ଜା: ତେଲି ସା: ଜା: ନିବାସୀ
683	କୁହୁଡ଼ିଗୋଡ଼ା	451	1769	0.0810	0.0810	ଶାରଦ ଅନୁତ୍ତୋଳନୀୟ ଏକ	ଖୁଣ୍ଟିଆ ସାହୁ, ହୃଦ୍‌ୟ ସାହୁ, ଦୁର୍ଗା ସାହୁ, ପୂର୍ଣ୍ଣ ସାହୁ, ସାରଙ୍ଗ ସାହୁ, ସୁଦାମ ସାହୁ, ପ୍ରଦୀ ସାହୁ ପି: ଚିଦାନନ୍ଦ ସାହୁ ଜା: ତେଲି ସା: ଜା: ନିବାସୀ
684	କୁହୁଡ଼ିଗୋଡ଼ା	451	1770	0.0725	0.0725	ଶାରଦ ଅନୁତ୍ତୋଳନୀୟ ଏକ	ଖୁଣ୍ଟିଆ ସାହୁ, ହୃଦ୍‌ୟ ସାହୁ, ଦୁର୍ଗା ସାହୁ, ପୂର୍ଣ୍ଣ ସାହୁ, ସାରଙ୍ଗ ସାହୁ, ସୁଦାମ ସାହୁ, ପ୍ରଦୀ ସାହୁ ପି: ଚିଦାନନ୍ଦ ସାହୁ ଜା: ତେଲି ସା: ଜା: ନିବାସୀ
685	କୁହୁଡ଼ିଗୋଡ଼ା	451	1771	0.0300	0.0300	ଶାରଦ ଅନୁତ୍ତୋଳନୀୟ ଏକ	ଖୁଣ୍ଟିଆ ସାହୁ, ହୃଦ୍‌ୟ ସାହୁ, ଦୁର୍ଗା ସାହୁ, ପୂର୍ଣ୍ଣ ସାହୁ, ସାରଙ୍ଗ ସାହୁ, ସୁଦାମ ସାହୁ, ପ୍ରଦୀ ସାହୁ ପି: ଚିଦାନନ୍ଦ ସାହୁ ଜା: ତେଲି ସା: ଜା: ନିବାସୀ
686	କୁହୁଡ଼ିଗୋଡ଼ା	451	1772	0.0410	0.0410	ଶାରଦ ଅନୁତ୍ତୋଳନୀୟ ଏକ	ଖୁଣ୍ଟିଆ ସାହୁ, ହୃଦ୍‌ୟ ସାହୁ, ଦୁର୍ଗା ସାହୁ, ପୂର୍ଣ୍ଣ ସାହୁ, ସାରଙ୍ଗ ସାହୁ, ସୁଦାମ ସାହୁ, ପ୍ରଦୀ ସାହୁ ପି: ଚିଦାନନ୍ଦ ସାହୁ ଜା: ତେଲି ସା: ଜା: ନିବାସୀ
687	କୁହୁଡ଼ିଗୋଡ଼ା	269	1773	0.0360	0.0360	ଶାରଦ ଅନୁତ୍ତୋଳନୀୟ ଦୁଇ	ବନମାଳୀ ସାହୁ, ରାଧାମୋହନ ସାହୁ, ଅଶ୍ୱିନୀ ସାହୁ ପି: ବନମାଳୀ ସାହୁ ଜା: ତେଲି ସା: ଜା: ନିବାସୀ
688	କୁହୁଡ଼ିଗୋଡ଼ା	488/31	1774	0.0140	0.0140	ଶାରଦ ଅନୁତ୍ତୋଳନୀୟ ଦୁଇ	ଓଡ଼ିଶା ସରକାର ପି: ତହସିଲଦାର ଜଟଣୀ ସା: ଜା: ନିବାସୀ
689	କୁହୁଡ଼ିଗୋଡ଼ା	488/31	1774/6239	0.0485	0.0485	ଶାରଦ ଅନୁତ୍ତୋଳନୀୟ ଦୁଇ	ଓଡ଼ିଶା ସରକାର ପି: ତହସିଲଦାର ଜଟଣୀ ସା: ଜା: ନିବାସୀ
690	କୁହୁଡ଼ିଗୋଡ଼ା	488/31	1775	0.0445	0.0445	ଶାରଦ ଅନୁତ୍ତୋଳନୀୟ ଦୁଇ	ଓଡ଼ିଶା ସରକାର ପି: ତହସିଲଦାର ଜଟଣୀ ସା: ଜା: ନିବାସୀ
691	କୁହୁଡ଼ିଗୋଡ଼ା	269	1776	0.0800	0.0800	ଶାରଦ ଅନୁତ୍ତୋଳନୀୟ ଦୁଇ	ବନମାଳୀ ସାହୁ, ରାଧାମୋହନ ସାହୁ, ଅଶ୍ୱିନୀ ସାହୁ ପି: ବନମାଳୀ ସାହୁ ଜା: ତେଲି ସା: ଜା: ନିବାସୀ
692	କୁହୁଡ଼ିଗୋଡ଼ା	324	1777	0.0850	0.0850	ଶାରଦ ଅନୁତ୍ତୋଳନୀୟ ଦୁଇ	ମହେଶ ସାହୁ ପି: ଶ୍ରୀହରି ସାହୁ ଜା: ତେଲି ସା: ଜା: ନିବାସୀ
693	କୁହୁଡ଼ିଗୋଡ଼ା	395	1778	0.0780	0.0780	ଶାରଦ ଅନୁତ୍ତୋଳନୀୟ ଏକ	ଉଦୟ ସାହୁ, ମାଗଣ ସାହୁ, କାଠିଆ ସାହୁ, ପୁରୁ ସାହୁ, ଶ୍ରୀମତୀ ସାହୁ, ଭଗବାନିଆ, ଜନାର୍ଦ୍ଦନ ସାହୁ, ମଧୁ ସାହୁ, ଜାମୀ ସାହୁ ପି: ଏକାଦଶି ସାହୁ, ଅହଲ୍ୟାବାଇ ସାହୁ ସ୍ୱା:ଏକାଦଶି ସାହୁ, ବିଶ୍ୱନାଥ ସାହୁ ପି: ଯୋଗୀ ସାହୁ, ନିଶା ସାହୁ, ବୈକୁଣ୍ଠ ସାହୁ, ମହାଦେବ ସାହୁ, ଶିବ ସାହୁ, ଅଭେଦ ସାହୁ, ଅଜୟ ସାହୁ ପି: ଚିନ୍ତାମଣି ସାହୁ, କୁମୁଦ ସାହୁ, ସୁଧା ସାହୁ, ଦୁଃଖୀ ସାହୁ, ନାଥ ସାହୁ, ଦୁର୍ଗା ସାହୁ ପି: ଅଭିମନ୍ୟୁ ସାହୁ, ଦ୍ୱିଜେନ୍ଦ୍ର ସାହୁ, ଗୋବିନ୍ଦ ସାହୁ, ବାଲାଜୀ ସାହୁ, ଲୋକନାଥ ସାହୁ, ଶ୍ୟାମସୁନ୍ଦର ସାହୁ ପି: ଗୋପାଳ ସାହୁ, ଜଗନ୍ନାଥ ସାହୁ ଜା: ତେଲି ସା: ଜା: ନିବାସୀ
694	କୁହୁଡ଼ିଗୋଡ଼ା	395	1779	0.0780	0.0780	ଶାରଦ ଅନୁତ୍ତୋଳନୀୟ ଏକ	ଉଦୟ ସାହୁ, ମାଗଣ ସାହୁ, କାଠିଆ ସାହୁ, ପୁରୁ ସାହୁ, ଶ୍ରୀମତୀ ସାହୁ, ଭଗବାନିଆ, ଜନାର୍ଦ୍ଦନ ସାହୁ, ମଧୁ ସାହୁ, ଜାମୀ ସାହୁ ପି: ଏକାଦଶି ସାହୁ, ଅହଲ୍ୟାବାଇ ସାହୁ ସ୍ୱା:ଏକାଦଶି ସାହୁ, ବିଶ୍ୱନାଥ ସାହୁ ପି: ଯୋଗୀ ସାହୁ, ନିଶା ସାହୁ, ବୈକୁଣ୍ଠ ସାହୁ, ମହାଦେବ ସାହୁ, ଶିବ ସାହୁ, ଅଭେଦ ସାହୁ, ଅଜୟ ସାହୁ ପି: ଚିନ୍ତାମଣି ସାହୁ, କୁମୁଦ ସାହୁ, ସୁଧା ସାହୁ, ଦୁଃଖୀ ସାହୁ, ନାଥ ସାହୁ, ଦୁର୍ଗା ସାହୁ ପି: ଅଭିମନ୍ୟୁ ସାହୁ, ଦ୍ୱିଜେନ୍ଦ୍ର ସାହୁ, ଗୋବିନ୍ଦ ସାହୁ, ବାଲାଜୀ ସାହୁ, ଲୋକନାଥ ସାହୁ, ଶ୍ୟାମସୁନ୍ଦର ସାହୁ ପି: ଗୋପାଳ ସାହୁ, ଜଗନ୍ନାଥ ସାହୁ ଜା: ତେଲି ସା: ଜା: ନିବାସୀ
695	କୁହୁଡ଼ିଗୋଡ଼ା	488/504	1780	0.1050	0.0324	ଶାରଦ ଅନୁତ୍ତୋଳନୀୟ ଦୁଇ	ଓଡ଼ିଶା ସରକାର ପି: ଜିଲ୍ଲାପାଳ ଖୋର୍ଦ୍ଧା ଜା: ସରକାରୀ ସା: ଜା: ନିବାସୀ
696	କୁହୁଡ଼ିଗୋଡ଼ା	395	1781	0.0100	0.0100	ଜଳସେଚିତ ଏକ	ଉଦୟ ସାହୁ, ମାଗଣ ସାହୁ, କାଠିଆ ସାହୁ, ପୁରୁ ସାହୁ, ଶ୍ରୀମତୀ ସାହୁ, ଭଗବାନିଆ, ଜନାର୍ଦ୍ଦନ ସାହୁ, ମଧୁ ସାହୁ, ଜାମୀ ସାହୁ ପି: ଏକାଦଶି ସାହୁ, ଅହଲ୍ୟାବାଇ ସାହୁ ସ୍ୱା:ଏକାଦଶି ସାହୁ, ବିଶ୍ୱନାଥ ସାହୁ ପି: ଯୋଗୀ ସାହୁ, ନିଶା ସାହୁ, ବୈକୁଣ୍ଠ ସାହୁ, ମହାଦେବ ସାହୁ, ଶିବ ସାହୁ, ଅଭେଦ ସାହୁ, ଅଜୟ ସାହୁ ପି: ଚିନ୍ତାମଣି ସାହୁ, କୁମୁଦ ସାହୁ, ସୁଧା ସାହୁ, ଦୁଃଖୀ ସାହୁ, ନାଥ ସାହୁ, ଦୁର୍ଗା ସାହୁ ପି: ଅଭିମନ୍ୟୁ ସାହୁ, ଦ୍ୱିଜେନ୍ଦ୍ର ସାହୁ, ଗୋବିନ୍ଦ ସାହୁ, ବାଲାଜୀ ସାହୁ, ଲୋକନାଥ ସାହୁ, ଶ୍ୟାମସୁନ୍ଦର ସାହୁ ପି: ଗୋପାଳ ସାହୁ, ଜଗନ୍ନାଥ ସାହୁ ଜା: ତେଲି ସା: ଜା: ନିବାସୀ
697	କୁହୁଡ଼ିଗୋଡ଼ା	488/505	1782	0.0280	0.0280	ପଡ଼ିଆ	ଓଡ଼ିଶା ସରକାର ପି: ତହସିଲଦାର ଜଟଣୀ ସା: ଜା: ନିବାସୀ
698	କୁହୁଡ଼ିଗୋଡ଼ା	488/504	1783	0.0150	0.0150	ପଡ଼ିଆ	ଓଡ଼ିଶା ସରକାର ପି: ଜିଲ୍ଲାପାଳ ଖୋର୍ଦ୍ଧା ଜା: ସରକାରୀ ସା: ଜା: ନିବାସୀ
699	କୁହୁଡ଼ିଗୋଡ଼ା	488/505	1783/6667	0.0150	0.0150	ପଡ଼ିଆ	ଓଡ଼ିଶା ସରକାର ପି: ତହସିଲଦାର ଜଟଣୀ ସା: ଜା: ନିବାସୀ
700	କୁହୁଡ଼ିଗୋଡ଼ା	488/504	1784	0.0330	0.0330	ଶାରଦ ଅନୁତ୍ତୋଳନୀୟ ଦୁଇ	ଓଡ଼ିଶା ସରକାର ପି: ଜିଲ୍ଲାପାଳ ଖୋର୍ଦ୍ଧା ଜା: ସରକାରୀ ସା: ଜା: ନିବାସୀ
701	କୁହୁଡ଼ିଗୋଡ଼ା	488/505	1784/6668	0.2460	0.2460	ଶାରଦ ଅନୁତ୍ତୋଳନୀୟ ଦୁଇ	ଓଡ଼ିଶା ସରକାର ପି: ତହସିଲଦାର ଜଟଣୀ ସା: ଜା: ନିବାସୀ
702	କୁହୁଡ଼ିଗୋଡ଼ା	488/505	1785	0.2230	0.2230	ଶାରଦ ଅନୁତ୍ତୋଳନୀୟ ଦୁଇ	ଓଡ଼ିଶା ସରକାର ପି: ତହସିଲଦାର ଜଟଣୀ ସା: ଜା: ନିବାସୀ
703	କୁହୁଡ଼ିଗୋଡ଼ା	488/504	1786	0.0155	0.0155	ପଡ଼ିଆ	ଓଡ଼ିଶା ସରକାର ପି: ଜିଲ୍ଲାପାଳ ଖୋର୍ଦ୍ଧା ଜା: ସରକାରୀ ସା: ଜା: ନିବାସୀ
704	କୁହୁଡ଼ିଗୋଡ଼ା	488/505	1786/6670	0.0077	0.0077	ପଡ଼ିଆ	ଓଡ଼ିଶା ସରକାର ପି: ତହସିଲଦାର ଜଟଣୀ ସା: ଜା: ନିବାସୀ
705	କୁହୁଡ଼ିଗୋଡ଼ା	488/505	1786/6669	0.0078	0.0078	ପଡ଼ିଆ	ଓଡ଼ିଶା ସରକାର ପି: ତହସିଲଦାର ଜଟଣୀ ସା: ଜା: ନିବାସୀ
706	କୁହୁଡ଼ିଗୋଡ଼ା	488/504	1787	0.0605	0.0605	ଶାରଦ ଅନୁତ୍ତୋଳନୀୟ ତିନି	ଓଡ଼ିଶା ସରକାର ପି: ଜିଲ୍ଲାପାଳ ଖୋର୍ଦ୍ଧା ଜା: ସରକାରୀ ସା: ଜା: ନିବାସୀ
707	କୁହୁଡ଼ିଗୋଡ଼ା	488/505	1787/6671	0.0605	0.0605	ଶାରଦ ଅନୁତ୍ତୋଳନୀୟ ତିନି	ଓଡ଼ିଶା ସରକାର ପି: ତହସିଲଦାର ଜଟଣୀ ସା: ଜା: ନିବାସୀ
708	କୁହୁଡ଼ିଗୋଡ଼ା	488/325	1788	0.1000	0.1000	ଦଣ୍ଡା	ଓଡ଼ିଶା ସରକାର ପି: ତହସିଲଦାର ଜଟଣୀ ସା: ଜା: ନିବାସୀ
709	କୁହୁଡ଼ିଗୋଡ଼ା	488/505	1789	0.0590	0.0590	ଶାରଦ ଅନୁତ୍ତୋଳନୀୟ ତିନି	ଓଡ଼ିଶା ସରକାର ପି: ତହସିଲଦାର ଜଟଣୀ ସା: ଜା: ନିବାସୀ
710	କୁହୁଡ଼ିଗୋଡ଼ା	488/505	1789/6672	0.0590	0.0590	ଶାରଦ ଅନୁତ୍ତୋଳନୀୟ ତିନି	ଓଡ଼ିଶା ସରକାର ପି: ତହସିଲଦାର ଜଟଣୀ ସା: ଜା: ନିବାସୀ
711	କୁହୁଡ଼ିଗୋଡ଼ା	272	1790 P	0.1680	0.1680	ଶାରଦ ଅନୁତ୍ତୋଳନୀୟ ଦୁଇ	ମହେଶ ସାହୁ ପି: ଶ୍ରୀହରି ସାହୁ ଜା: ତେଲି ସା: ଜା: ନିବାସୀ
712	କୁହୁଡ଼ିଗୋଡ଼ା	272	1791	0.1900	0.0121	ଶାରଦ ଅନୁତ୍ତୋଳନୀୟ ଦୁଇ	ମହେଶ ସାହୁ ପି: ଶ୍ରୀହରି ସାହୁ ଜା: ତେଲି ସା: ଜା: ନିବାସୀ
713	କୁହୁଡ଼ିଗୋଡ଼ା	488/505	1801 P	0.0400	0.0160	ଶାରଦ ଅନୁତ୍ତୋଳନୀୟ ତିନି	ଓଡ଼ିଶା ସରକାର ପି: ତହସିଲଦାର ଜଟଣୀ ସା: ଜା: ନିବାସୀ
714	କୁହୁଡ଼ିଗୋଡ଼ା	488/504	1802 P	0.0245	0.0245	ଶାରଦ ଅନୁତ୍ତୋଳନୀୟ ତିନି	ଓଡ଼ିଶା ସରକାର ପି: ଜିଲ୍ଲାପାଳ ଖୋର୍ଦ୍ଧା ଜା: ସରକାରୀ ସା: ଜା: ନିବାସୀ
715	କୁହୁଡ଼ିଗୋଡ଼ା	488/505	1802/6676	0.0245	0.0245	ଶାରଦ ଅନୁତ୍ତୋଳନୀୟ ତିନି	ଓଡ଼ିଶା ସରକାର ପି: ତହସିଲଦାର ଜଟଣୀ ସା: ଜା: ନିବାସୀ
716	କୁହୁଡ଼ିଗୋଡ଼ା	488/141	1803	0.0200	0.0200	ଶାରଦ ଅନୁତ୍ତୋଳନୀୟ ଦୁଇ	ଓଡ଼ିଶା ସରକାର ପି: ତହସିଲଦାର ଜଟଣୀ ସା: ଜା: ନିବାସୀ
717	କୁହୁଡ଼ିଗୋଡ଼ା	488/141	1804	0.0850	0.0850	ଶାରଦ ଅନୁତ୍ତୋଳନୀୟ ଦୁଇ	ଓଡ଼ିଶା ସରକାର ପି: ତହସିଲଦାର ଜଟଣୀ ସା: ଜା: ନିବାସୀ
718	କୁହୁଡ଼ିଗୋଡ଼ା	488/141	1805	0.0300	0.0300	ଶାରଦ ଅନୁତ୍ତୋଳନୀୟ ଦୁଇ	ଓଡ଼ିଶା ସରକାର ପି: ତହସିଲଦାର ଜଟଣୀ ସା: ଜା: ନିବାସୀ
719	କୁହୁଡ଼ିଗୋଡ଼ା	488/141	1806	0.0250	0.0250	ଶାରଦ ଅନୁତ୍ତୋଳନୀୟ ତିନି	ଓଡ଼ିଶା ସରକାର ପି: ତହସିଲଦାର ଜଟଣୀ ସା: ଜା: ନିବାସୀ
720	କୁହୁଡ଼ିଗୋଡ଼ା	488/141	1807	0.0270	0.0270	ଶାରଦ ଅନୁତ୍ତୋଳନୀୟ ତିନି	ଓଡ଼ିଶା ସରକାର ପି: ତହସିଲଦାର ଜଟଣୀ ସା: ଜା: ନିବାସୀ
721	କୁହୁଡ଼ିଗୋଡ଼ା	488/504	1808 P	0.0590	0.0590	ଶାରଦ ଅନୁତ୍ତୋଳନୀୟ ଦୁଇ	ଓଡ଼ିଶା ସରକାର ପି: ଜିଲ୍ଲାପାଳ ଖୋର୍ଦ୍ଧା ଜା: ସରକାରୀ ସା: ଜା: ନିବାସୀ
722	କୁହୁଡ଼ିଗୋଡ଼ା	488/504	1809 P	0.1475	0.1475	ଶାରଦ ଅନୁତ୍ତୋଳନୀୟ ଦୁଇ	ଓଡ଼ିଶା ସରକାର ପି: ଜିଲ୍ଲାପାଳ ଖୋର୍ଦ୍ଧା ଜା: ସରକାରୀ ସା: ଜା: ନିବାସୀ
723	କୁହୁଡ଼ିଗୋଡ଼ା	488/505	1810 P	0.1380	0.0600	ଶାରଦ ଅନୁତ୍ତୋଳନୀୟ ଦୁଇ	ଓଡ଼ିଶା ସରକାର ପି: ତହସିଲଦାର ଜଟଣୀ ସା: ଜା: ନିବାସୀ
724	କୁହୁଡ଼ିଗୋଡ଼ା	488/505	1813/6677	0.0125	0.0125	ପଡ଼ିଆ	ଓଡ଼ିଶା ସରକାର ପି: ତହସିଲଦାର ଜଟଣୀ ସା: ଜା: ନିବାସୀ
725	କୁହୁଡ଼ିଗୋଡ଼ା	285	1835 P	0.0320	0.0081	ଶାରଦ ଅନୁତ୍ତୋଳନୀୟ ଦୁଇ	ଉଦୟ ସାହୁ, ମାଗଣ ସାହୁ, କାଠିଆ ସାହୁ, ପୁରୁ ସାହୁ, ଶ୍ରୀମତୀ ସାହୁ, ଭଗବାନିଆ, ଜନାର୍ଦ୍ଦନ ସାହୁ, ମଧୁ ସାହୁ, ଜାମୀ ସାହୁ ପି: ଏକାଦଶି ସାହୁ, ଅହଲ୍ୟାବାଇ ସାହୁ ସ୍ୱା:ଏକାଦଶି ସାହୁ, ବିଶ୍ୱନାଥ ସାହୁ ପି: ଯୋଗୀ ସାହୁ, ନିଶା ସାହୁ, ବୈକୁଣ୍ଠ ସାହୁ, ମହାଦେବ ସାହୁ, ଶିବ ସାହୁ, ଅଭେଦ ସାହୁ, ଅଜୟ ସାହୁ ପି: ଚିନ୍ତାମଣି ସାହୁ, କୁମୁଦ ସାହୁ, ସୁଧା ସାହୁ, ଦୁଃଖୀ ସାହୁ, ନାଥ ସାହୁ, ଦୁର୍ଗା ସାହୁ ପି: ଅଭିମନ୍ୟୁ ସାହୁ, ଦ୍ୱିଜେନ୍ଦ୍ର ସାହୁ, ଗୋବିନ୍ଦ ସାହୁ, ବାଲାଜୀ ସାହୁ, ଲୋକନାଥ ସାହୁ, ଶ୍ୟାମସୁନ୍ଦର ସାହୁ ପି: ଗୋପାଳ ସାହୁ, ଜଗନ୍ନାଥ ସାହୁ ଜା: ତେଲି ସା: ଜା: ନିବାସୀ
726	କୁହୁଡ଼ିଗୋଡ଼ା	268	1836 P	0.1340	0.0526	ଶାରଦ ଅନୁତ୍ତୋଳନୀୟ ଦୁଇ	ଗଦାଧର ନାୟକ, ବିପିନ ନାୟକ, ଭୁବନେଶ୍ୱର ନାୟକ, ଦୀନବନ୍ଧୁ ନାୟକ ପି: ପଦ୍ମନାଭ ନାୟକ, ଧଳେଶ୍ୱର ନାୟକ, ଉମା ଦେବୀ ସ୍ୱା: ଭଗବାନ ନାୟକ ଜା: ଗଉଡ଼ ସା: ଜା: ନିବାସୀ
727	କୁହୁଡ଼ିଗୋଡ଼ା	268	1837	0.0160	0.0160	ଶାରଦ ଅନୁତ୍ତୋଳନୀୟ ଦୁଇ	ଗଦାଧର ନାୟକ, ବିପିନ ନାୟକ, ଭୁବନେଶ୍ୱର ନାୟକ, ଦୀନବନ୍ଧୁ ନାୟକ ପି: ପଦ୍ମନାଭ ନାୟକ, ଧଳେଶ୍ୱର ନାୟକ, ଉମା ଦେବୀ ସ୍ୱା: ଭଗବାନ ନାୟକ ଜା: ଗଉଡ଼ ସା: ଜା: ନିବାସୀ
